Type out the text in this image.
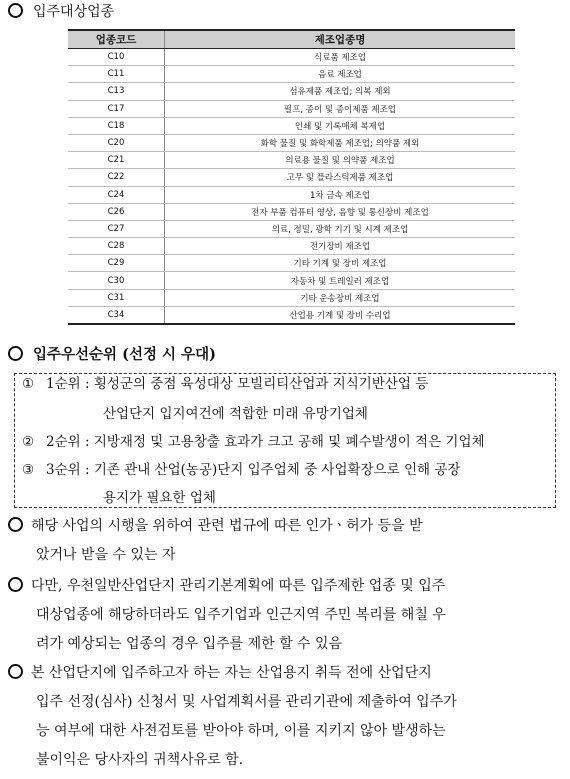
입주대상업종
업종코드	제조업종명
C10	식료품 제조업
C11	음료 제조업
C13	섬유제품 제조업; 의복 제외
C17	펄프, 종이 및 종이제품 제조업
C18	인쇄 및 기록매체 복제업
C20	화학 물질 및 화학제품 제조업; 의약품 제외
C21	의료용 물질 및 의약품 제조업
C22	고무 및 플라스틱제품 제조업
C24	1차 금속 제조업
C26	전자 부품 컴퓨터 영상, 음향 및 통신장비 제조업
C27	의료, 정밀, 광학 기기 및 시계 제조업
C28	전기장비 제조업
C29	기타 기계 및 장비 제조업
C30	자동차 및 트레일러 제조업
C31	기타 운송장비 제조업
C34	산업용 기계 및 장비 수리업
입주우선순위 (선정 시 우대)
① 1순위 : 횡성군의 중점 육성대상 모빌리티산업과 지식기반산업 등
산업단지 입지여건에 적합한 미래 유망기업체
② 2순위 : 지방재정 및 고용창출 효과가 크고 공해 및 폐수발생이 적은 기업체
③ 3순위 : 기존 관내 산업(농공)단지 입주업체 중 사업확장으로 인해 공장
용지가 필요한 업체
해당 사업의 시행을 위하여 관련 법규에 따른 인가ㆍ허가 등을 받
았거나 받을 수 있는 자
다만, 우천일반산업단지 관리기본계획에 따른 입주제한 업종 및 입주
대상업종에 해당하더라도 입주기업과 인근지역 주민 복리를 해칠 우
려가 예상되는 업종의 경우 입주를 제한 할 수 있음
본 산업단지에 입주하고자 하는 자는 산업용지 취득 전에 산업단지
입주 선정(심사) 신청서 및 사업계획서를 관리기관에 제출하여 입주가
능 여부에 대한 사전검토를 받아야 하며, 이를 지키지 않아 발생하는
불이익은 당사자의 귀책사유로 함.
